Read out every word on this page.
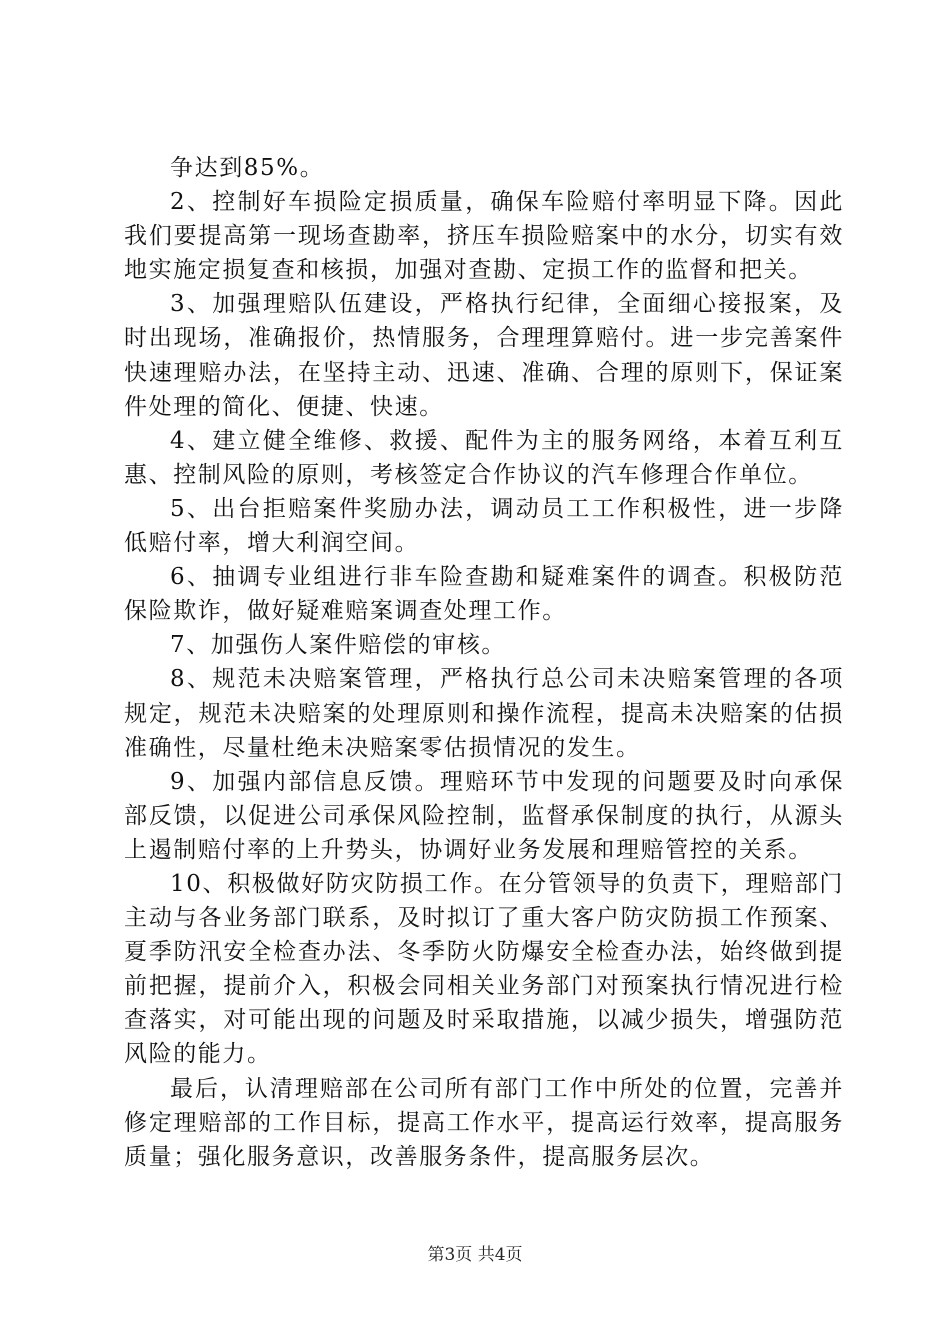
争达到85%。

2、控制好车损险定损质量，确保车险赔付率明显下降。因此我们要提高第一现场查勘率，挤压车损险赔案中的水分，切实有效地实施定损复查和核损，加强对查勘、定损工作的监督和把关。

3、加强理赔队伍建设，严格执行纪律，全面细心接报案，及时出现场，准确报价，热情服务，合理理算赔付。进一步完善案件快速理赔办法，在坚持主动、迅速、准确、合理的原则下，保证案件处理的简化、便捷、快速。

4、建立健全维修、救援、配件为主的服务网络，本着互利互惠、控制风险的原则，考核签定合作协议的汽车修理合作单位。

5、出台拒赔案件奖励办法，调动员工工作积极性，进一步降低赔付率，增大利润空间。

6、抽调专业组进行非车险查勘和疑难案件的调查。积极防范保险欺诈，做好疑难赔案调查处理工作。

7、加强伤人案件赔偿的审核。

8、规范未决赔案管理，严格执行总公司未决赔案管理的各项规定，规范未决赔案的处理原则和操作流程，提高未决赔案的估损准确性，尽量杜绝未决赔案零估损情况的发生。

9、加强内部信息反馈。理赔环节中发现的问题要及时向承保部反馈，以促进公司承保风险控制，监督承保制度的执行，从源头上遏制赔付率的上升势头，协调好业务发展和理赔管控的关系。

10、积极做好防灾防损工作。在分管领导的负责下，理赔部门主动与各业务部门联系，及时拟订了重大客户防灾防损工作预案、夏季防汛安全检查办法、冬季防火防爆安全检查办法，始终做到提前把握，提前介入，积极会同相关业务部门对预案执行情况进行检查落实，对可能出现的问题及时采取措施，以减少损失，增强防范风险的能力。

最后，认清理赔部在公司所有部门工作中所处的位置，完善并修定理赔部的工作目标，提高工作水平，提高运行效率，提高服务质量；强化服务意识，改善服务条件，提高服务层次。

第3页 共4页
